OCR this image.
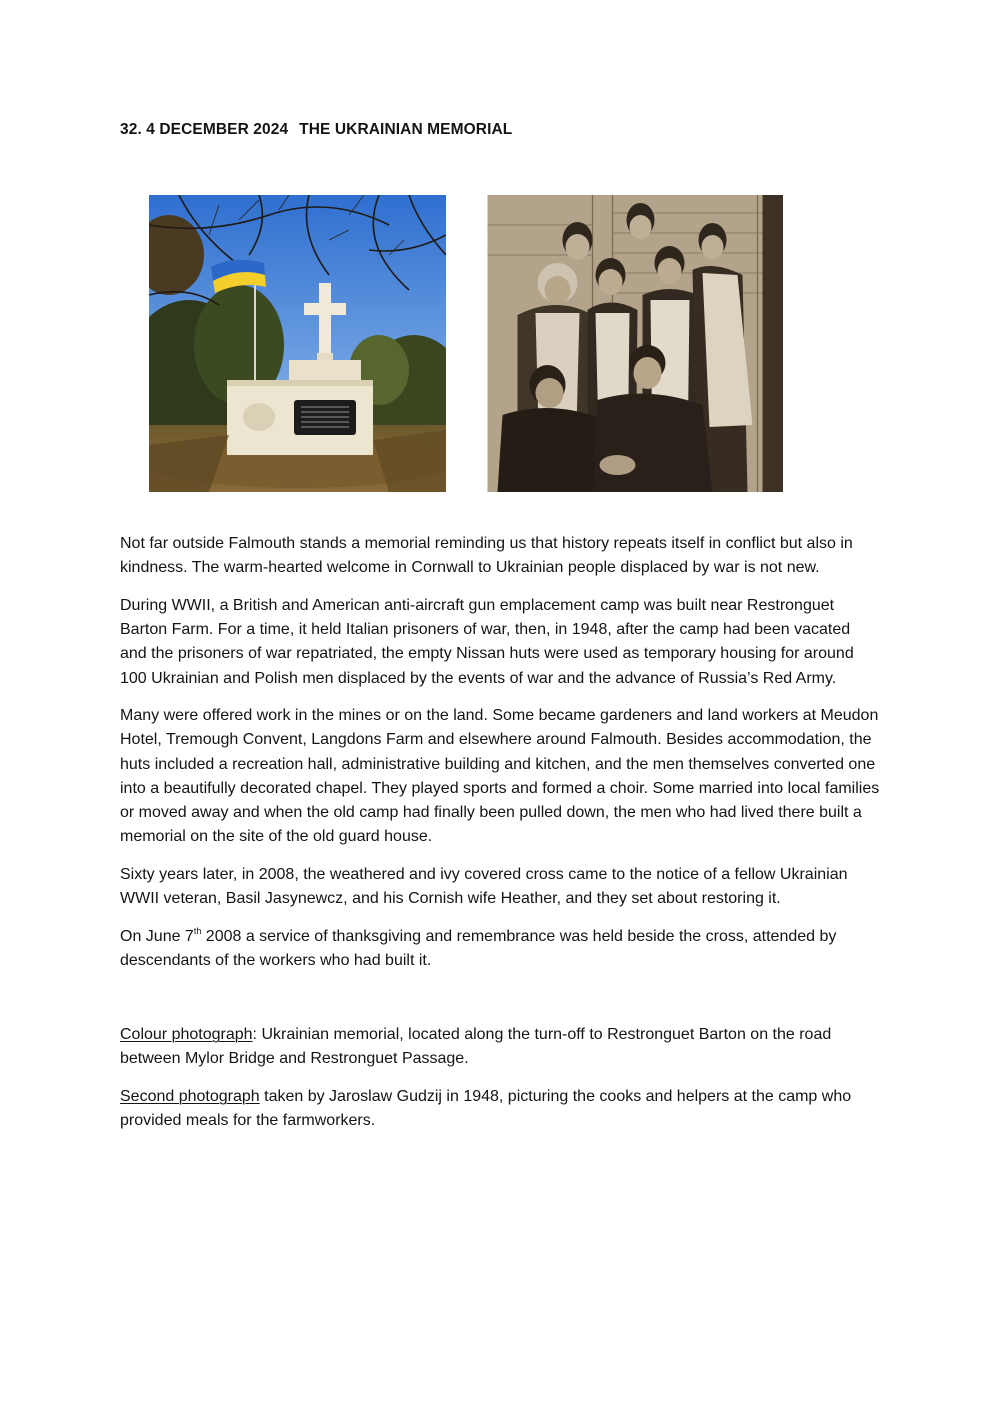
32. 4 DECEMBER 2024 THE UKRAINIAN MEMORIAL

Not far outside Falmouth stands a memorial reminding us that history repeats itself in conflict but also in kindness. The warm-hearted welcome in Cornwall to Ukrainian people displaced by war is not new.

During WWII, a British and American anti-aircraft gun emplacement camp was built near Restronguet Barton Farm. For a time, it held Italian prisoners of war, then, in 1948, after the camp had been vacated and the prisoners of war repatriated, the empty Nissan huts were used as temporary housing for around 100 Ukrainian and Polish men displaced by the events of war and the advance of Russia’s Red Army.

Many were offered work in the mines or on the land. Some became gardeners and land workers at Meudon Hotel, Tremough Convent, Langdons Farm and elsewhere around Falmouth. Besides accommodation, the huts included a recreation hall, administrative building and kitchen, and the men themselves converted one into a beautifully decorated chapel. They played sports and formed a choir. Some married into local families or moved away and when the old camp had finally been pulled down, the men who had lived there built a memorial on the site of the old guard house.

Sixty years later, in 2008, the weathered and ivy covered cross came to the notice of a fellow Ukrainian WWII veteran, Basil Jasynewcz, and his Cornish wife Heather, and they set about restoring it.

On June 7th 2008 a service of thanksgiving and remembrance was held beside the cross, attended by descendants of the workers who had built it.

Colour photograph: Ukrainian memorial, located along the turn-off to Restronguet Barton on the road between Mylor Bridge and Restronguet Passage.

Second photograph taken by Jaroslaw Gudzij in 1948, picturing the cooks and helpers at the camp who provided meals for the farmworkers.
